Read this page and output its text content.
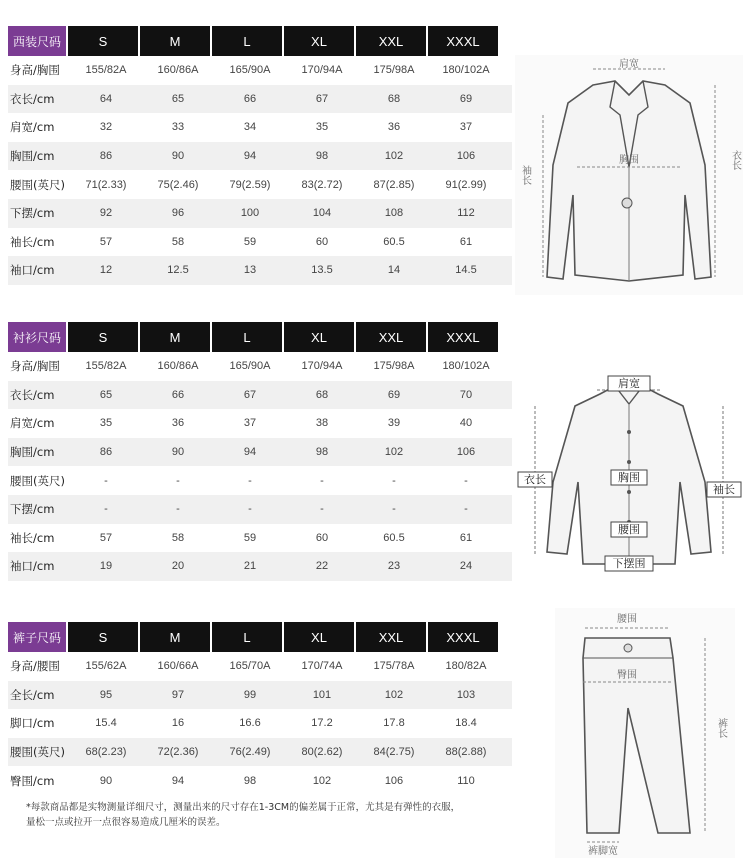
西装尺码	S	M	L	XL	XXL	XXXL
身高/胸围	155/82A	160/86A	165/90A	170/94A	175/98A	180/102A
衣长/cm	64	65	66	67	68	69
肩宽/cm	32	33	34	35	36	37
胸围/cm	86	90	94	98	102	106
腰围(英尺)	71(2.33)	75(2.46)	79(2.59)	83(2.72)	87(2.85)	91(2.99)
下摆/cm	92	96	100	104	108	112
袖长/cm	57	58	59	60	60.5	61
袖口/cm	12	12.5	13	13.5	14	14.5
衬衫尺码	S	M	L	XL	XXL	XXXL
身高/胸围	155/82A	160/86A	165/90A	170/94A	175/98A	180/102A
衣长/cm	65	66	67	68	69	70
肩宽/cm	35	36	37	38	39	40
胸围/cm	86	90	94	98	102	106
腰围(英尺)	-	-	-	-	-	-
下摆/cm	-	-	-	-	-	-
袖长/cm	57	58	59	60	60.5	61
袖口/cm	19	20	21	22	23	24
裤子尺码	S	M	L	XL	XXL	XXXL
身高/腰围	155/62A	160/66A	165/70A	170/74A	175/78A	180/82A
全长/cm	95	97	99	101	102	103
脚口/cm	15.4	16	16.6	17.2	17.8	18.4
腰围(英尺)	68(2.23)	72(2.36)	76(2.49)	80(2.62)	84(2.75)	88(2.88)
臀围/cm	90	94	98	102	106	110
*每款商品都是实物测量详细尺寸，测量出来的尺寸存在1-3CM的偏差属于正常，尤其是有弹性的衣服，量松一点或拉开一点很容易造成几厘米的误差。
肩宽
胸围	衣长
袖长
肩宽
衣长	胸围
袖长
腰围
下摆围
腰围
臀围
裤长
裤脚宽
